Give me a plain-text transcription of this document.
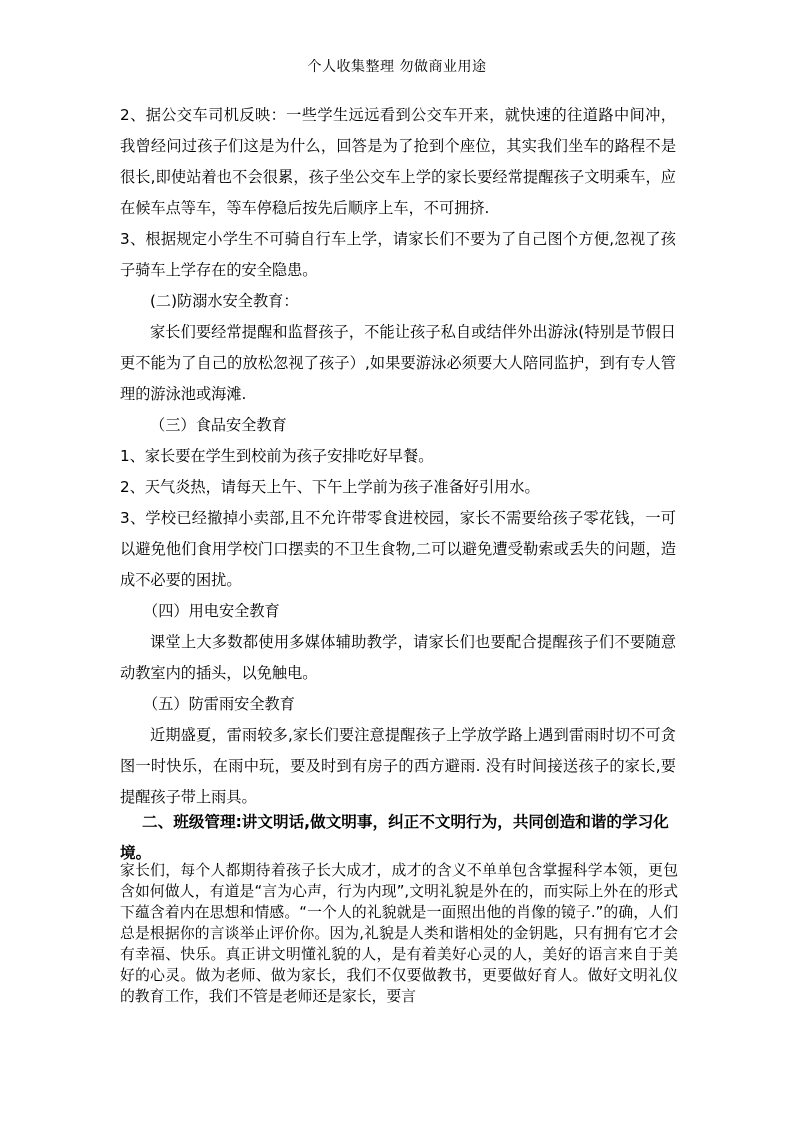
个人收集整理 勿做商业用途

2、据公交车司机反映：一些学生远远看到公交车开来，就快速的往道路中间冲，我曾经问过孩子们这是为什么，回答是为了抢到个座位，其实我们坐车的路程不是很长,即使站着也不会很累，孩子坐公交车上学的家长要经常提醒孩子文明乘车，应在候车点等车，等车停稳后按先后顺序上车，不可拥挤.

3、根据规定小学生不可骑自行车上学，请家长们不要为了自己图个方便,忽视了孩子骑车上学存在的安全隐患。

(二)防溺水安全教育：

家长们要经常提醒和监督孩子，不能让孩子私自或结伴外出游泳(特别是节假日更不能为了自己的放松忽视了孩子）,如果要游泳必须要大人陪同监护，到有专人管理的游泳池或海滩.

（三）食品安全教育

1、家长要在学生到校前为孩子安排吃好早餐。

2、天气炎热，请每天上午、下午上学前为孩子准备好引用水。

3、学校已经撤掉小卖部,且不允许带零食进校园，家长不需要给孩子零花钱，一可以避免他们食用学校门口摆卖的不卫生食物,二可以避免遭受勒索或丢失的问题，造成不必要的困扰。

（四）用电安全教育

课堂上大多数都使用多媒体辅助教学，请家长们也要配合提醒孩子们不要随意动教室内的插头，以免触电。

（五）防雷雨安全教育

近期盛夏，雷雨较多,家长们要注意提醒孩子上学放学路上遇到雷雨时切不可贪图一时快乐，在雨中玩，要及时到有房子的西方避雨. 没有时间接送孩子的家长,要提醒孩子带上雨具。

二、班级管理:讲文明话,做文明事，纠正不文明行为，共同创造和谐的学习化境。

家长们，每个人都期待着孩子长大成才，成才的含义不单单包含掌握科学本领，更包含如何做人，有道是“言为心声，行为内现”,文明礼貌是外在的，而实际上外在的形式下蕴含着内在思想和情感。“一个人的礼貌就是一面照出他的肖像的镜子.”的确，人们总是根据你的言谈举止评价你。因为,礼貌是人类和谐相处的金钥匙，只有拥有它才会有幸福、快乐。真正讲文明懂礼貌的人，是有着美好心灵的人，美好的语言来自于美好的心灵。做为老师、做为家长，我们不仅要做教书，更要做好育人。做好文明礼仪的教育工作，我们不管是老师还是家长，要言
